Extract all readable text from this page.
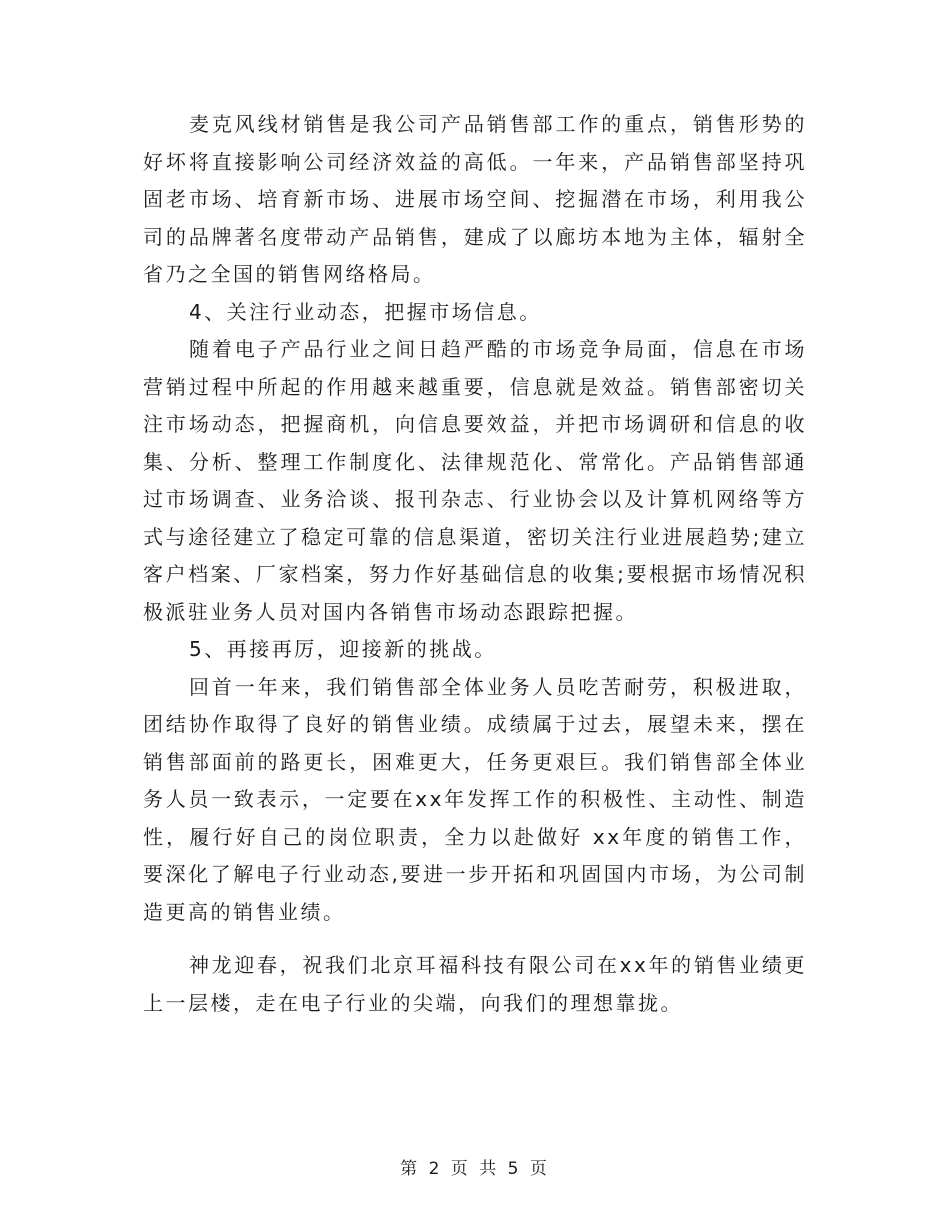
麦克风线材销售是我公司产品销售部工作的重点，销售形势的好坏将直接影响公司经济效益的高低。一年来，产品销售部坚持巩固老市场、培育新市场、进展市场空间、挖掘潜在市场，利用我公司的品牌著名度带动产品销售，建成了以廊坊本地为主体，辐射全省乃之全国的销售网络格局。

4、关注行业动态，把握市场信息。

随着电子产品行业之间日趋严酷的市场竞争局面，信息在市场营销过程中所起的作用越来越重要，信息就是效益。销售部密切关注市场动态，把握商机，向信息要效益，并把市场调研和信息的收集、分析、整理工作制度化、法律规范化、常常化。产品销售部通过市场调查、业务洽谈、报刊杂志、行业协会以及计算机网络等方式与途径建立了稳定可靠的信息渠道，密切关注行业进展趋势;建立客户档案、厂家档案，努力作好基础信息的收集;要根据市场情况积极派驻业务人员对国内各销售市场动态跟踪把握。

5、再接再厉，迎接新的挑战。

回首一年来，我们销售部全体业务人员吃苦耐劳，积极进取，团结协作取得了良好的销售业绩。成绩属于过去，展望未来，摆在销售部面前的路更长，困难更大，任务更艰巨。我们销售部全体业务人员一致表示，一定要在xx年发挥工作的积极性、主动性、制造性，履行好自己的岗位职责，全力以赴做好 xx年度的销售工作，要深化了解电子行业动态,要进一步开拓和巩固国内市场，为公司制造更高的销售业绩。

神龙迎春，祝我们北京耳福科技有限公司在xx年的销售业绩更上一层楼，走在电子行业的尖端，向我们的理想靠拢。

第 2 页 共 5 页
